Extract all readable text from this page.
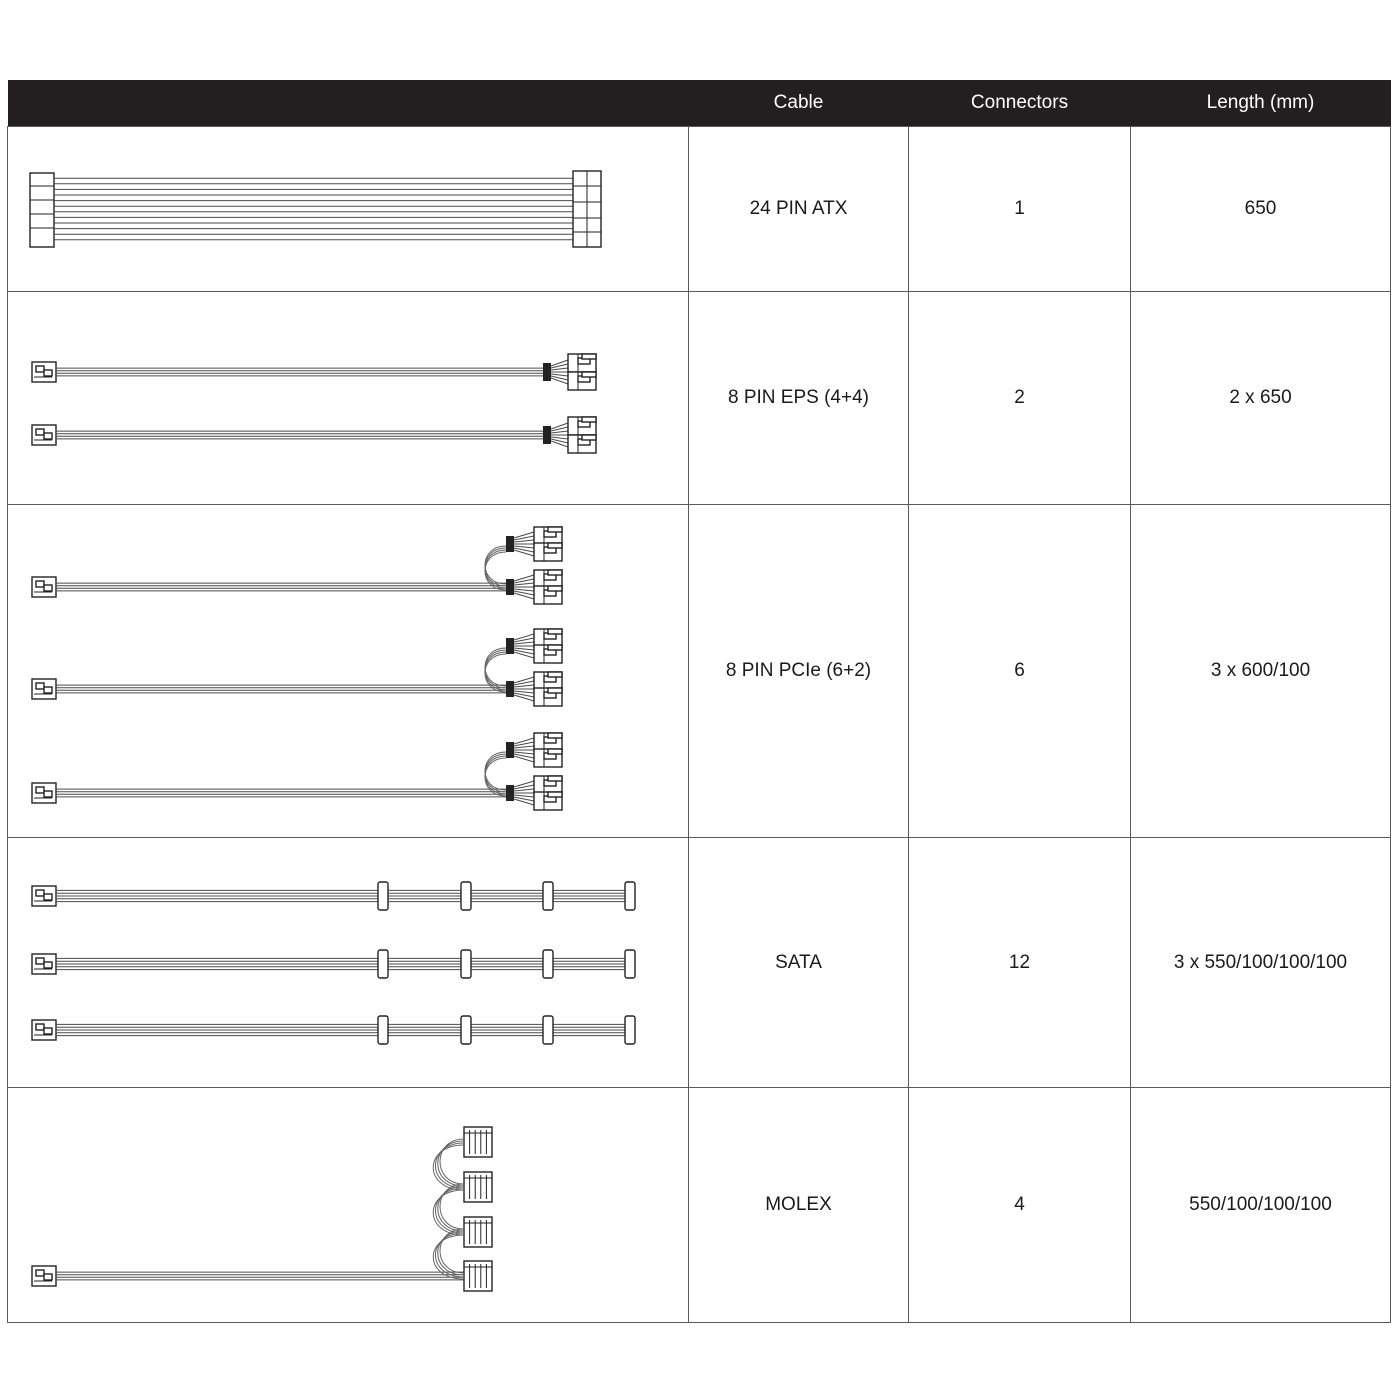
	Cable	Connectors	Length (mm)

	24 PIN ATX	1	650

	8 PIN EPS (4+4)	2	2 x 650

	8 PIN PCIe (6+2)	6	3 x 600/100

	SATA	12	3 x 550/100/100/100

	MOLEX	4	550/100/100/100
